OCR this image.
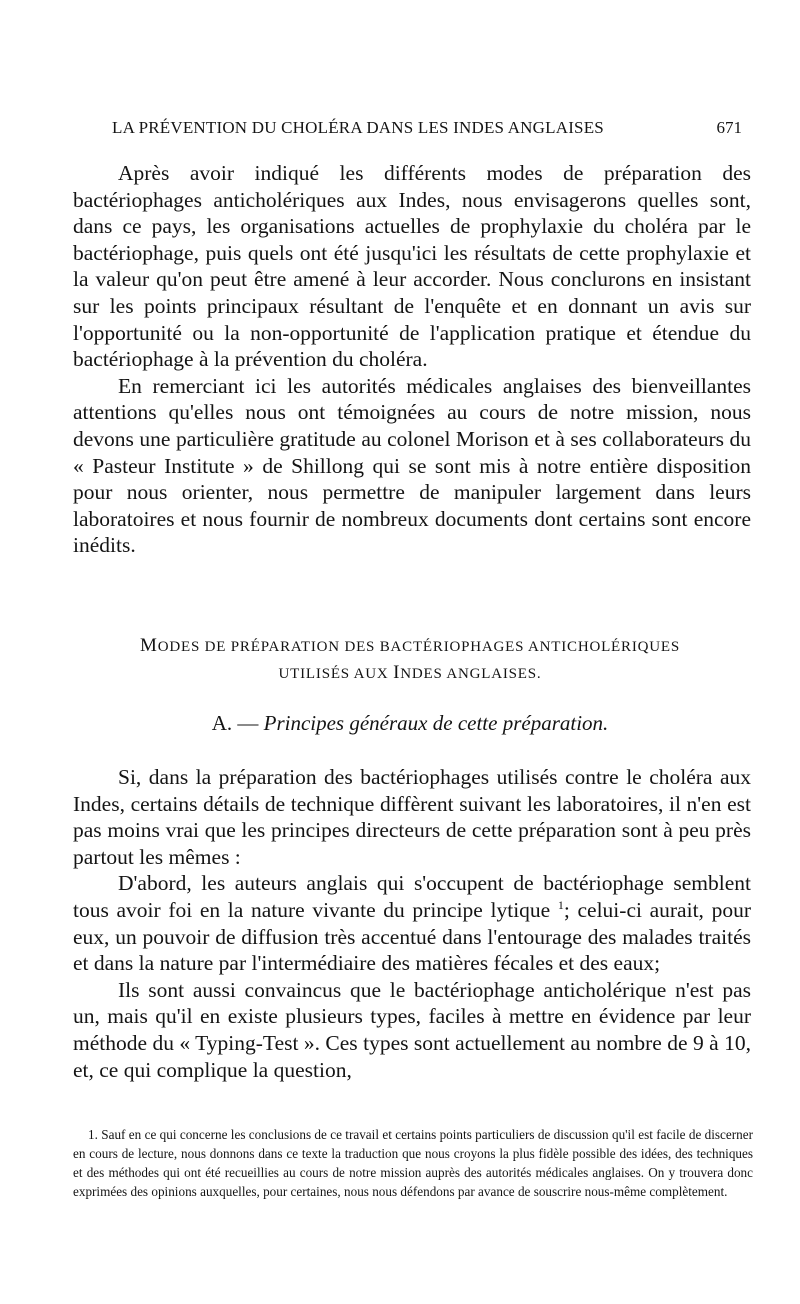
LA PRÉVENTION DU CHOLÉRA DANS LES INDES ANGLAISES	671

Après avoir indiqué les différents modes de préparation des bactériophages anticholériques aux Indes, nous envisagerons quelles sont, dans ce pays, les organisations actuelles de prophylaxie du choléra par le bactériophage, puis quels ont été jusqu'ici les résultats de cette prophylaxie et la valeur qu'on peut être amené à leur accorder. Nous conclurons en insistant sur les points principaux résultant de l'enquête et en donnant un avis sur l'opportunité ou la non-opportunité de l'application pratique et étendue du bactériophage à la prévention du choléra.

En remerciant ici les autorités médicales anglaises des bienveillantes attentions qu'elles nous ont témoignées au cours de notre mission, nous devons une particulière gratitude au colonel Morison et à ses collaborateurs du « Pasteur Institute » de Shillong qui se sont mis à notre entière disposition pour nous orienter, nous permettre de manipuler largement dans leurs laboratoires et nous fournir de nombreux documents dont certains sont encore inédits.

MODES DE PRÉPARATION DES BACTÉRIOPHAGES ANTICHOLÉRIQUES
UTILISÉS AUX INDES ANGLAISES.
A. — Principes généraux de cette préparation.

Si, dans la préparation des bactériophages utilisés contre le choléra aux Indes, certains détails de technique diffèrent suivant les laboratoires, il n'en est pas moins vrai que les principes directeurs de cette préparation sont à peu près partout les mêmes :

D'abord, les auteurs anglais qui s'occupent de bactériophage semblent tous avoir foi en la nature vivante du principe lytique $^1$; celui-ci aurait, pour eux, un pouvoir de diffusion très accentué dans l'entourage des malades traités et dans la nature par l'intermédiaire des matières fécales et des eaux;

Ils sont aussi convaincus que le bactériophage anticholérique n'est pas un, mais qu'il en existe plusieurs types, faciles à mettre en évidence par leur méthode du « Typing-Test ». Ces types sont actuellement au nombre de 9 à 10, et, ce qui complique la question,

1. Sauf en ce qui concerne les conclusions de ce travail et certains points particuliers de discussion qu'il est facile de discerner en cours de lecture, nous donnons dans ce texte la traduction que nous croyons la plus fidèle possible des idées, des techniques et des méthodes qui ont été recueillies au cours de notre mission auprès des autorités médicales anglaises. On y trouvera donc exprimées des opinions auxquelles, pour certaines, nous nous défendons par avance de souscrire nous-même complètement.
